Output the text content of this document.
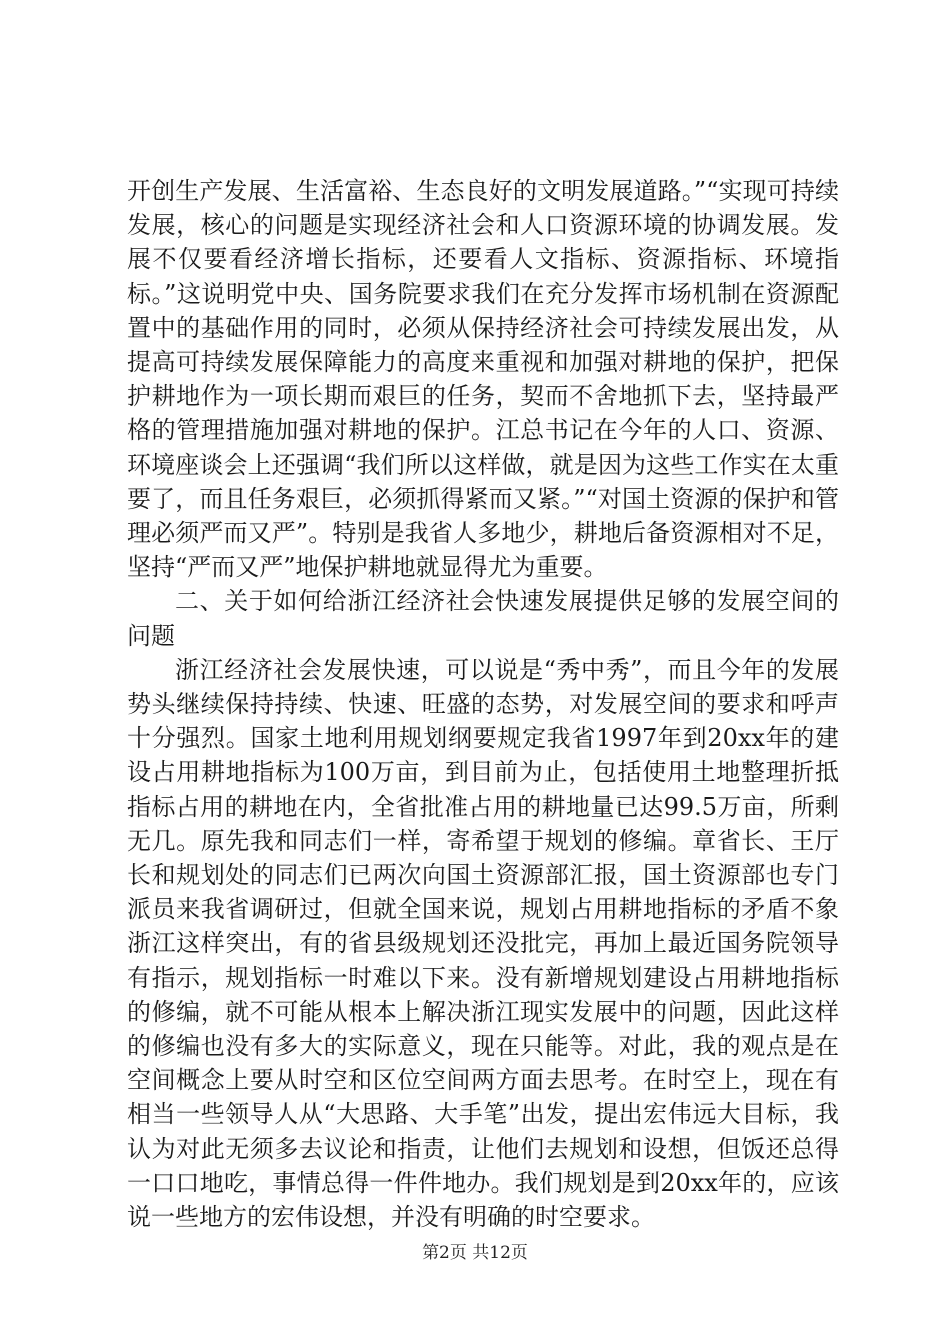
开创生产发展、生活富裕、生态良好的文明发展道路。”“实现可持续发展，核心的问题是实现经济社会和人口资源环境的协调发展。发展不仅要看经济增长指标，还要看人文指标、资源指标、环境指标。”这说明党中央、国务院要求我们在充分发挥市场机制在资源配置中的基础作用的同时，必须从保持经济社会可持续发展出发，从提高可持续发展保障能力的高度来重视和加强对耕地的保护，把保护耕地作为一项长期而艰巨的任务，契而不舍地抓下去，坚持最严格的管理措施加强对耕地的保护。江总书记在今年的人口、资源、环境座谈会上还强调“我们所以这样做，就是因为这些工作实在太重要了，而且任务艰巨，必须抓得紧而又紧。”“对国土资源的保护和管理必须严而又严”。特别是我省人多地少，耕地后备资源相对不足，坚持“严而又严”地保护耕地就显得尤为重要。

二、关于如何给浙江经济社会快速发展提供足够的发展空间的问题

浙江经济社会发展快速，可以说是“秀中秀”，而且今年的发展势头继续保持持续、快速、旺盛的态势，对发展空间的要求和呼声十分强烈。国家土地利用规划纲要规定我省1997年到20xx年的建设占用耕地指标为100万亩，到目前为止，包括使用土地整理折抵指标占用的耕地在内，全省批准占用的耕地量已达99.5万亩，所剩无几。原先我和同志们一样，寄希望于规划的修编。章省长、王厅长和规划处的同志们已两次向国土资源部汇报，国土资源部也专门派员来我省调研过，但就全国来说，规划占用耕地指标的矛盾不象浙江这样突出，有的省县级规划还没批完，再加上最近国务院领导有指示，规划指标一时难以下来。没有新增规划建设占用耕地指标的修编，就不可能从根本上解决浙江现实发展中的问题，因此这样的修编也没有多大的实际意义，现在只能等。对此，我的观点是在空间概念上要从时空和区位空间两方面去思考。在时空上，现在有相当一些领导人从“大思路、大手笔”出发，提出宏伟远大目标，我认为对此无须多去议论和指责，让他们去规划和设想，但饭还总得一口口地吃，事情总得一件件地办。我们规划是到20xx年的，应该说一些地方的宏伟设想，并没有明确的时空要求。

第2页 共12页
